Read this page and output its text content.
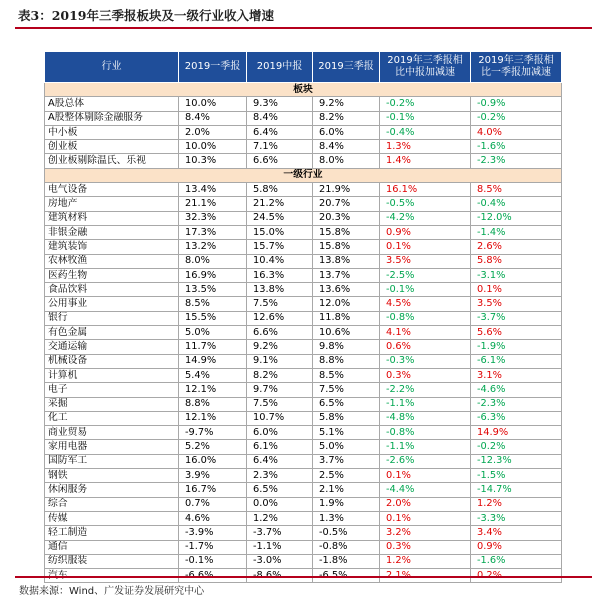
表3：2019年三季报板块及一级行业收入增速
行业	2019一季报	2019中报	2019三季报	2019年三季报相比中报加减速	2019年三季报相比一季报加减速
板块					
A股总体	10.0%	9.3%	9.2%	-0.2%	-0.9%
A股整体剔除金融服务	8.4%	8.4%	8.2%	-0.1%	-0.2%
中小板	2.0%	6.4%	6.0%	-0.4%	4.0%
创业板	10.0%	7.1%	8.4%	1.3%	-1.6%
创业板剔除温氏、乐视	10.3%	6.6%	8.0%	1.4%	-2.3%
一级行业					
电气设备	13.4%	5.8%	21.9%	16.1%	8.5%
房地产	21.1%	21.2%	20.7%	-0.5%	-0.4%
建筑材料	32.3%	24.5%	20.3%	-4.2%	-12.0%
非银金融	17.3%	15.0%	15.8%	0.9%	-1.4%
建筑装饰	13.2%	15.7%	15.8%	0.1%	2.6%
农林牧渔	8.0%	10.4%	13.8%	3.5%	5.8%
医药生物	16.9%	16.3%	13.7%	-2.5%	-3.1%
食品饮料	13.5%	13.8%	13.6%	-0.1%	0.1%
公用事业	8.5%	7.5%	12.0%	4.5%	3.5%
银行	15.5%	12.6%	11.8%	-0.8%	-3.7%
有色金属	5.0%	6.6%	10.6%	4.1%	5.6%
交通运输	11.7%	9.2%	9.8%	0.6%	-1.9%
机械设备	14.9%	9.1%	8.8%	-0.3%	-6.1%
计算机	5.4%	8.2%	8.5%	0.3%	3.1%
电子	12.1%	9.7%	7.5%	-2.2%	-4.6%
采掘	8.8%	7.5%	6.5%	-1.1%	-2.3%
化工	12.1%	10.7%	5.8%	-4.8%	-6.3%
商业贸易	-9.7%	6.0%	5.1%	-0.8%	14.9%
家用电器	5.2%	6.1%	5.0%	-1.1%	-0.2%
国防军工	16.0%	6.4%	3.7%	-2.6%	-12.3%
钢铁	3.9%	2.3%	2.5%	0.1%	-1.5%
休闲服务	16.7%	6.5%	2.1%	-4.4%	-14.7%
综合	0.7%	0.0%	1.9%	2.0%	1.2%
传媒	4.6%	1.2%	1.3%	0.1%	-3.3%
轻工制造	-3.9%	-3.7%	-0.5%	3.2%	3.4%
通信	-1.7%	-1.1%	-0.8%	0.3%	0.9%
纺织服装	-0.1%	-3.0%	-1.8%	1.2%	-1.6%
汽车	-6.6%	-8.6%	-6.5%	2.1%	0.2%
数据来源：Wind、广发证券发展研究中心
